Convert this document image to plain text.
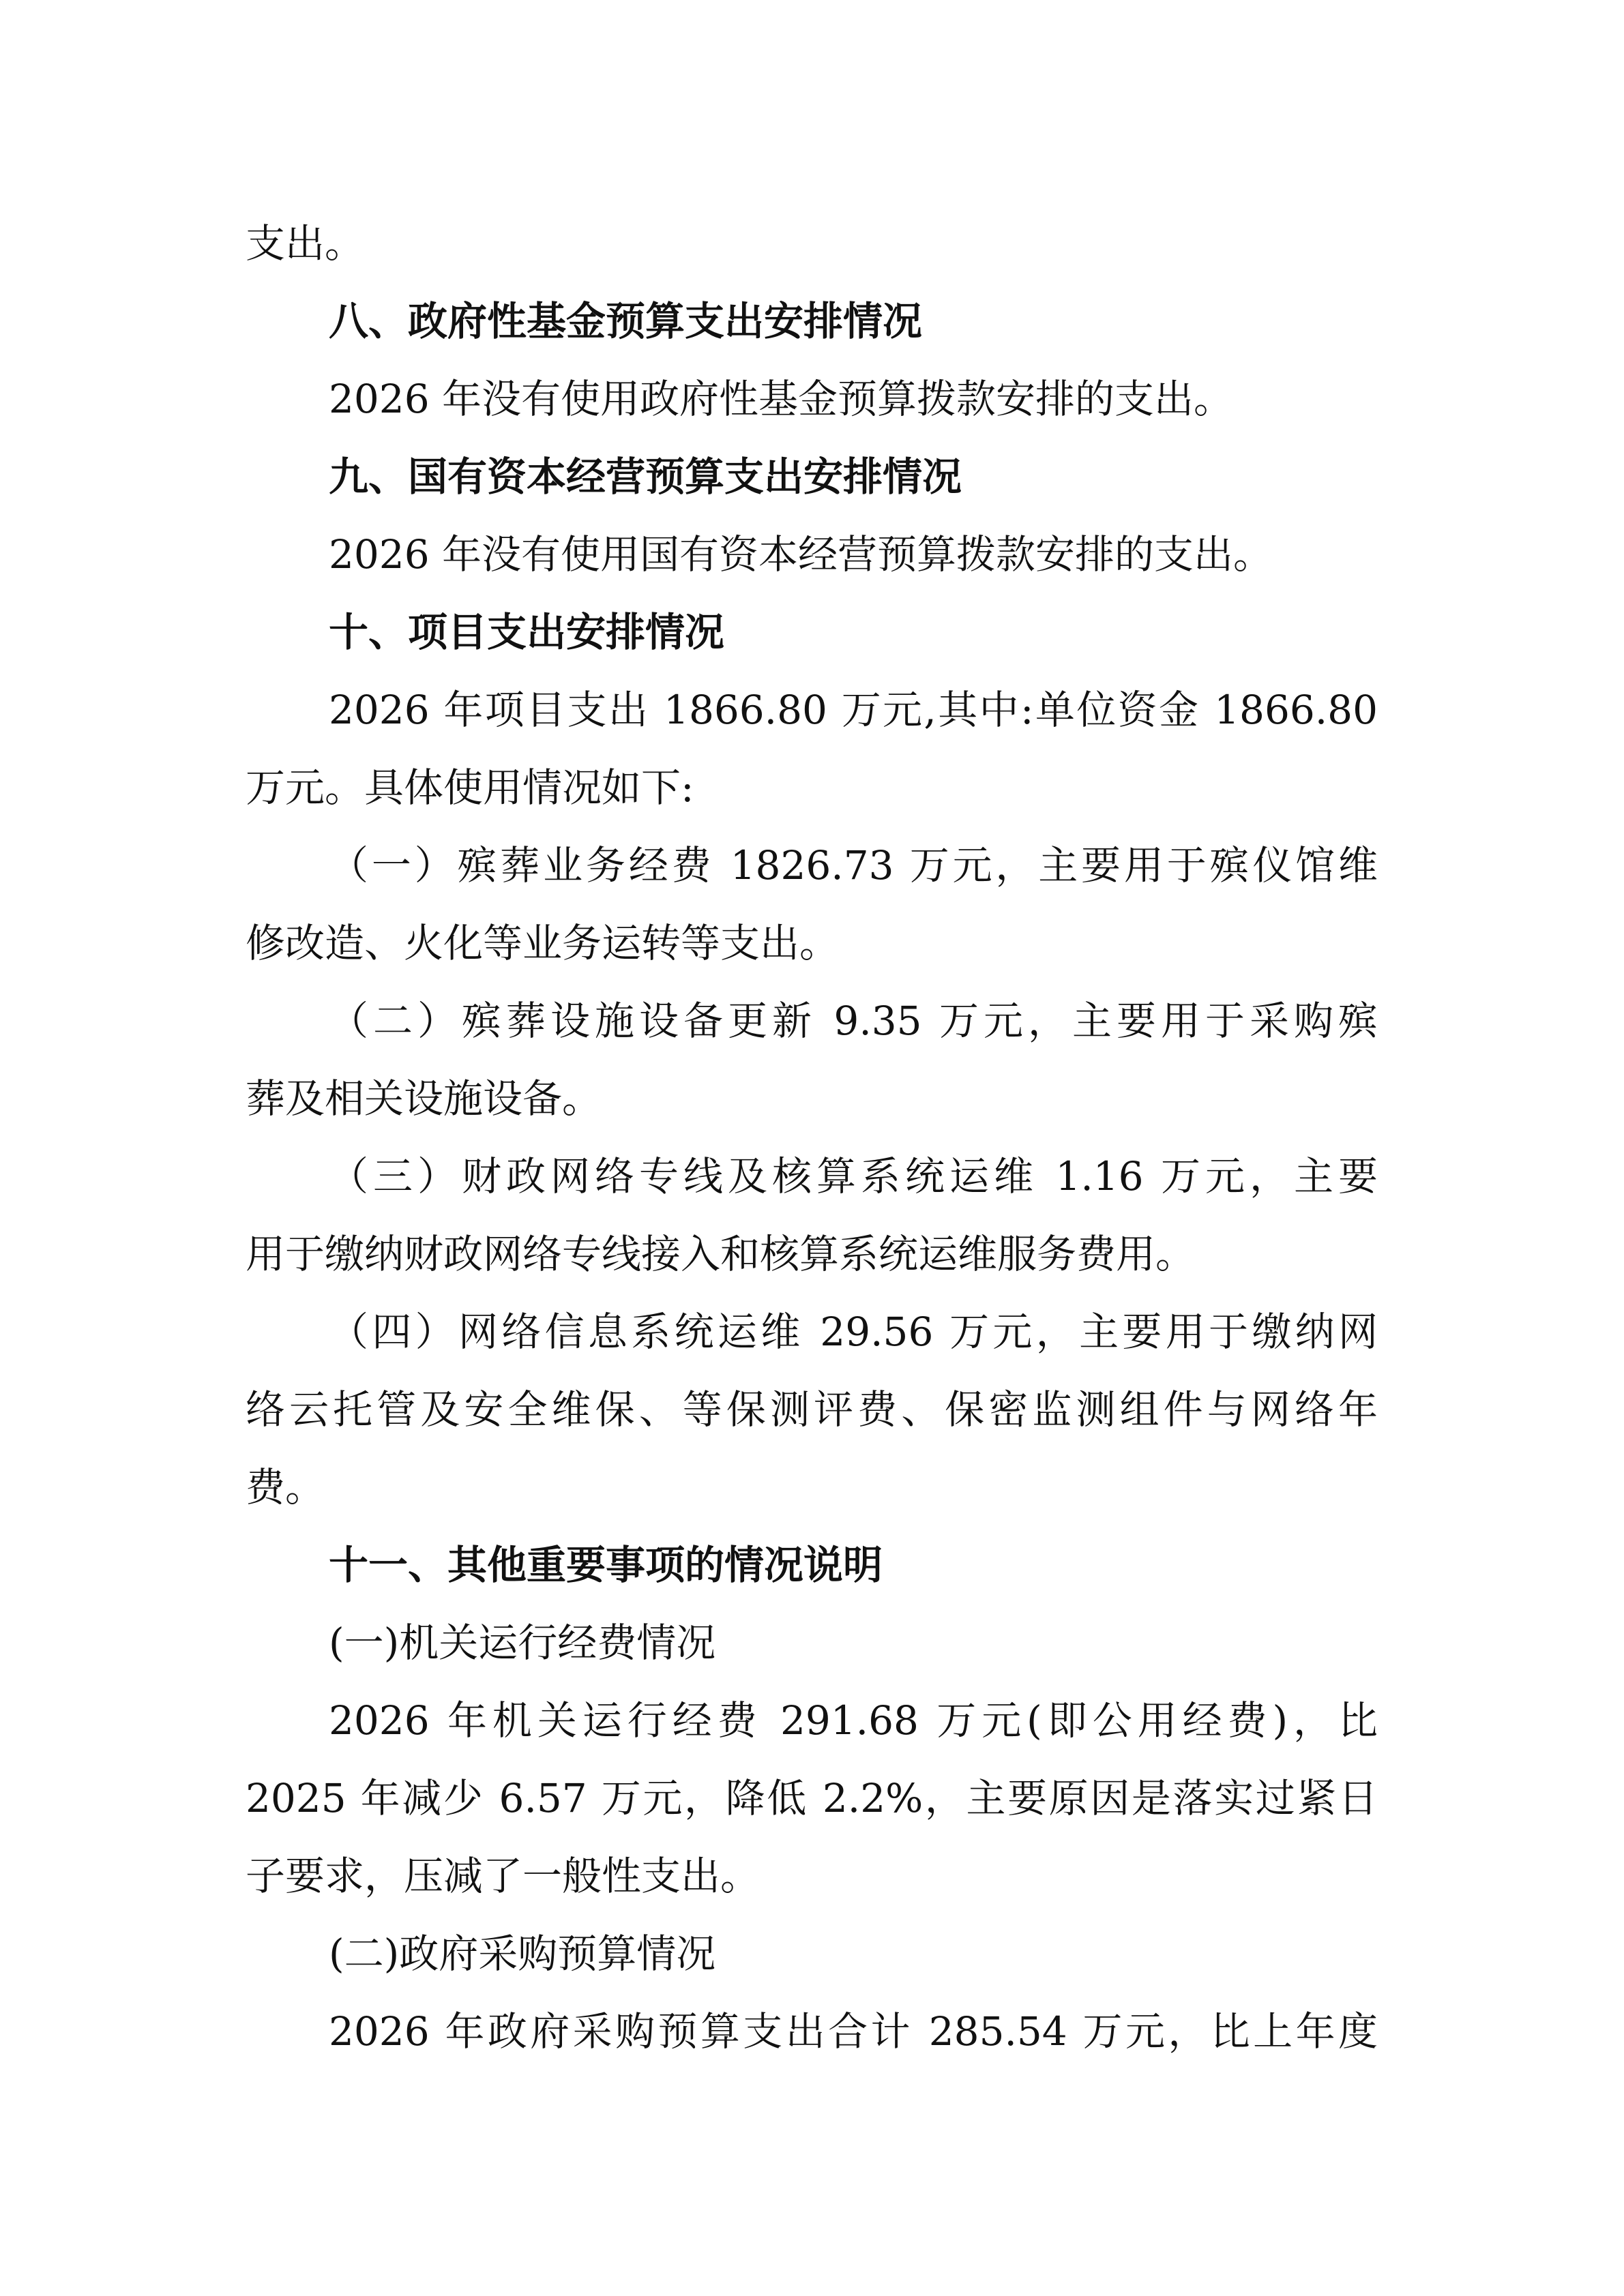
支出。
八、政府性基金预算支出安排情况
2026 年没有使用政府性基金预算拨款安排的支出。
九、国有资本经营预算支出安排情况
2026 年没有使用国有资本经营预算拨款安排的支出。
十、项目支出安排情况
2026 年项目支出 1866.80 万元,其中:单位资金 1866.80
万元。具体使用情况如下:
（一）殡葬业务经费 1826.73 万元，主要用于殡仪馆维
修改造、火化等业务运转等支出。
（二）殡葬设施设备更新 9.35 万元，主要用于采购殡
葬及相关设施设备。
（三）财政网络专线及核算系统运维 1.16 万元，主要
用于缴纳财政网络专线接入和核算系统运维服务费用。
（四）网络信息系统运维 29.56 万元，主要用于缴纳网
络云托管及安全维保、等保测评费、保密监测组件与网络年
费。
十一、其他重要事项的情况说明
(一)机关运行经费情况
2026 年机关运行经费 291.68 万元(即公用经费)，比
2025 年减少 6.57 万元，降低 2.2%，主要原因是落实过紧日
子要求，压减了一般性支出。
(二)政府采购预算情况
2026 年政府采购预算支出合计 285.54 万元，比上年度
